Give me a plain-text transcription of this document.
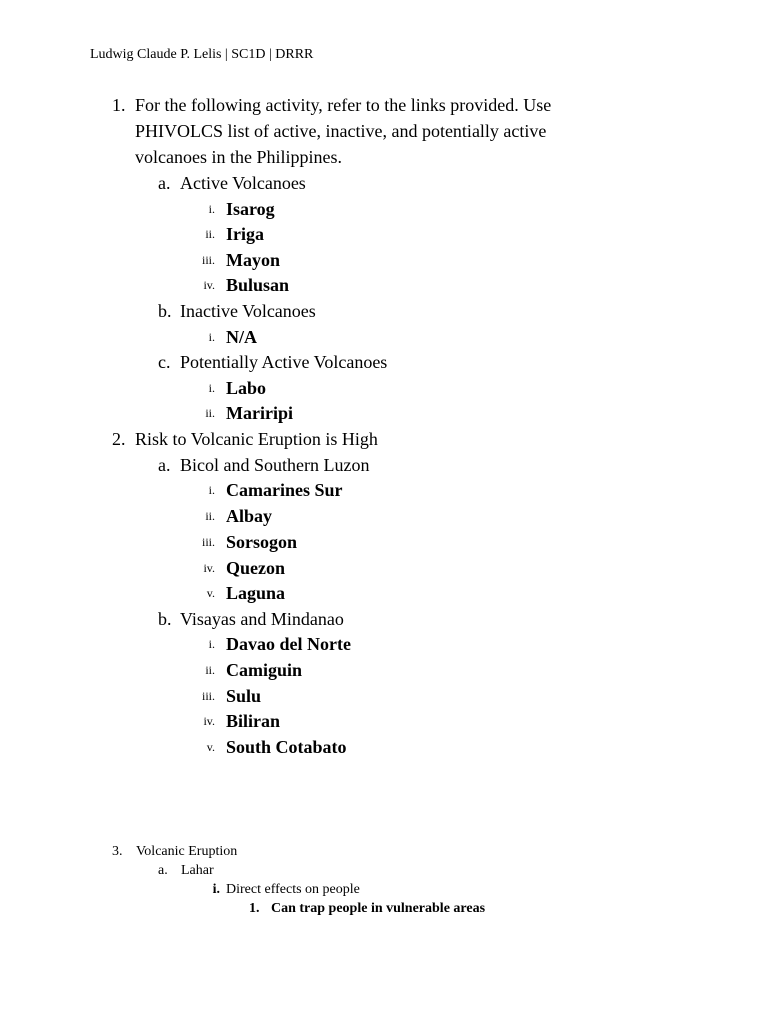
Ludwig Claude P. Lelis | SC1D | DRRR
1. For the following activity, refer to the links provided. Use
PHIVOLCS list of active, inactive, and potentially active
volcanoes in the Philippines.
a. Active Volcanoes
i. Isarog
ii. Iriga
iii. Mayon
iv. Bulusan
b. Inactive Volcanoes
i. N/A
c. Potentially Active Volcanoes
i. Labo
ii. Mariripi
2. Risk to Volcanic Eruption is High
a. Bicol and Southern Luzon
i. Camarines Sur
ii. Albay
iii. Sorsogon
iv. Quezon
v. Laguna
b. Visayas and Mindanao
i. Davao del Norte
ii. Camiguin
iii. Sulu
iv. Biliran
v. South Cotabato
3. Volcanic Eruption
a. Lahar
i. Direct effects on people
1. Can trap people in vulnerable areas
